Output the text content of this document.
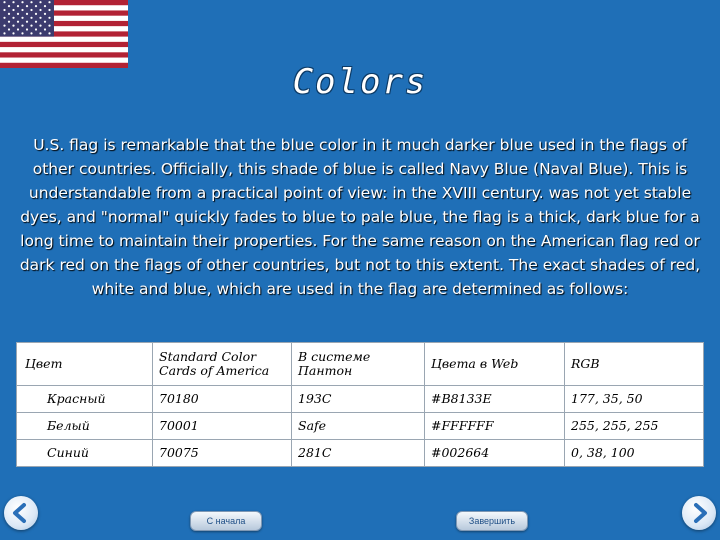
Colors
U.S. flag is remarkable that the blue color in it much darker blue used in the flags of other countries. Officially, this shade of blue is called Navy Blue (Naval Blue). This is understandable from a practical point of view: in the XVIII century. was not yet stable dyes, and "normal" quickly fades to blue to pale blue, the flag is a thick, dark blue for a long time to maintain their properties. For the same reason on the American flag red or dark red on the flags of other countries, but not to this extent. The exact shades of red, white and blue, which are used in the flag are determined as follows:
Цвет	Standard Color Cards of America	В системе Пантон	Цвета в Web	RGB
Красный	70180	193C	#B8133E	177, 35, 50
Белый	70001	Safe	#FFFFFF	255, 255, 255
Синий	70075	281C	#002664	0, 38, 100
С начала	Завершить
